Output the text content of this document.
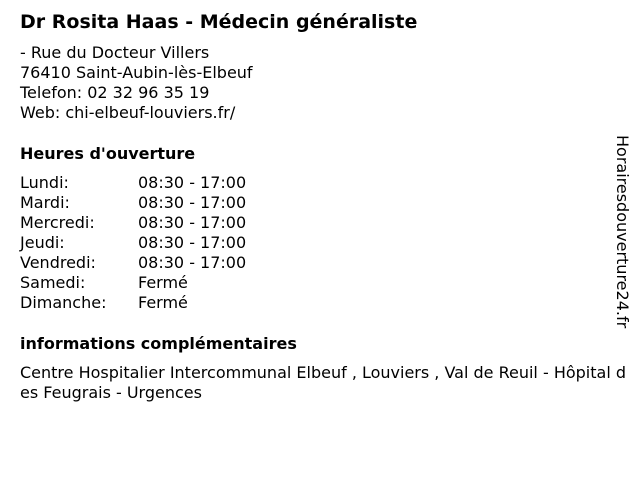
Dr Rosita Haas - Médecin généraliste
- Rue du Docteur Villers
76410 Saint-Aubin-lès-Elbeuf
Telefon: 02 32 96 35 19
Web: chi-elbeuf-louviers.fr/
Heures d'ouverture
Lundi:	08:30 - 17:00
Mardi:	08:30 - 17:00
Mercredi:	08:30 - 17:00
Jeudi:	08:30 - 17:00
Vendredi:	08:30 - 17:00
Samedi:	Fermé
Dimanche:	Fermé
informations complémentaires
Centre Hospitalier Intercommunal Elbeuf , Louviers , Val de Reuil - Hôpital des Feugrais - Urgences
Horairesdouverture24.fr
